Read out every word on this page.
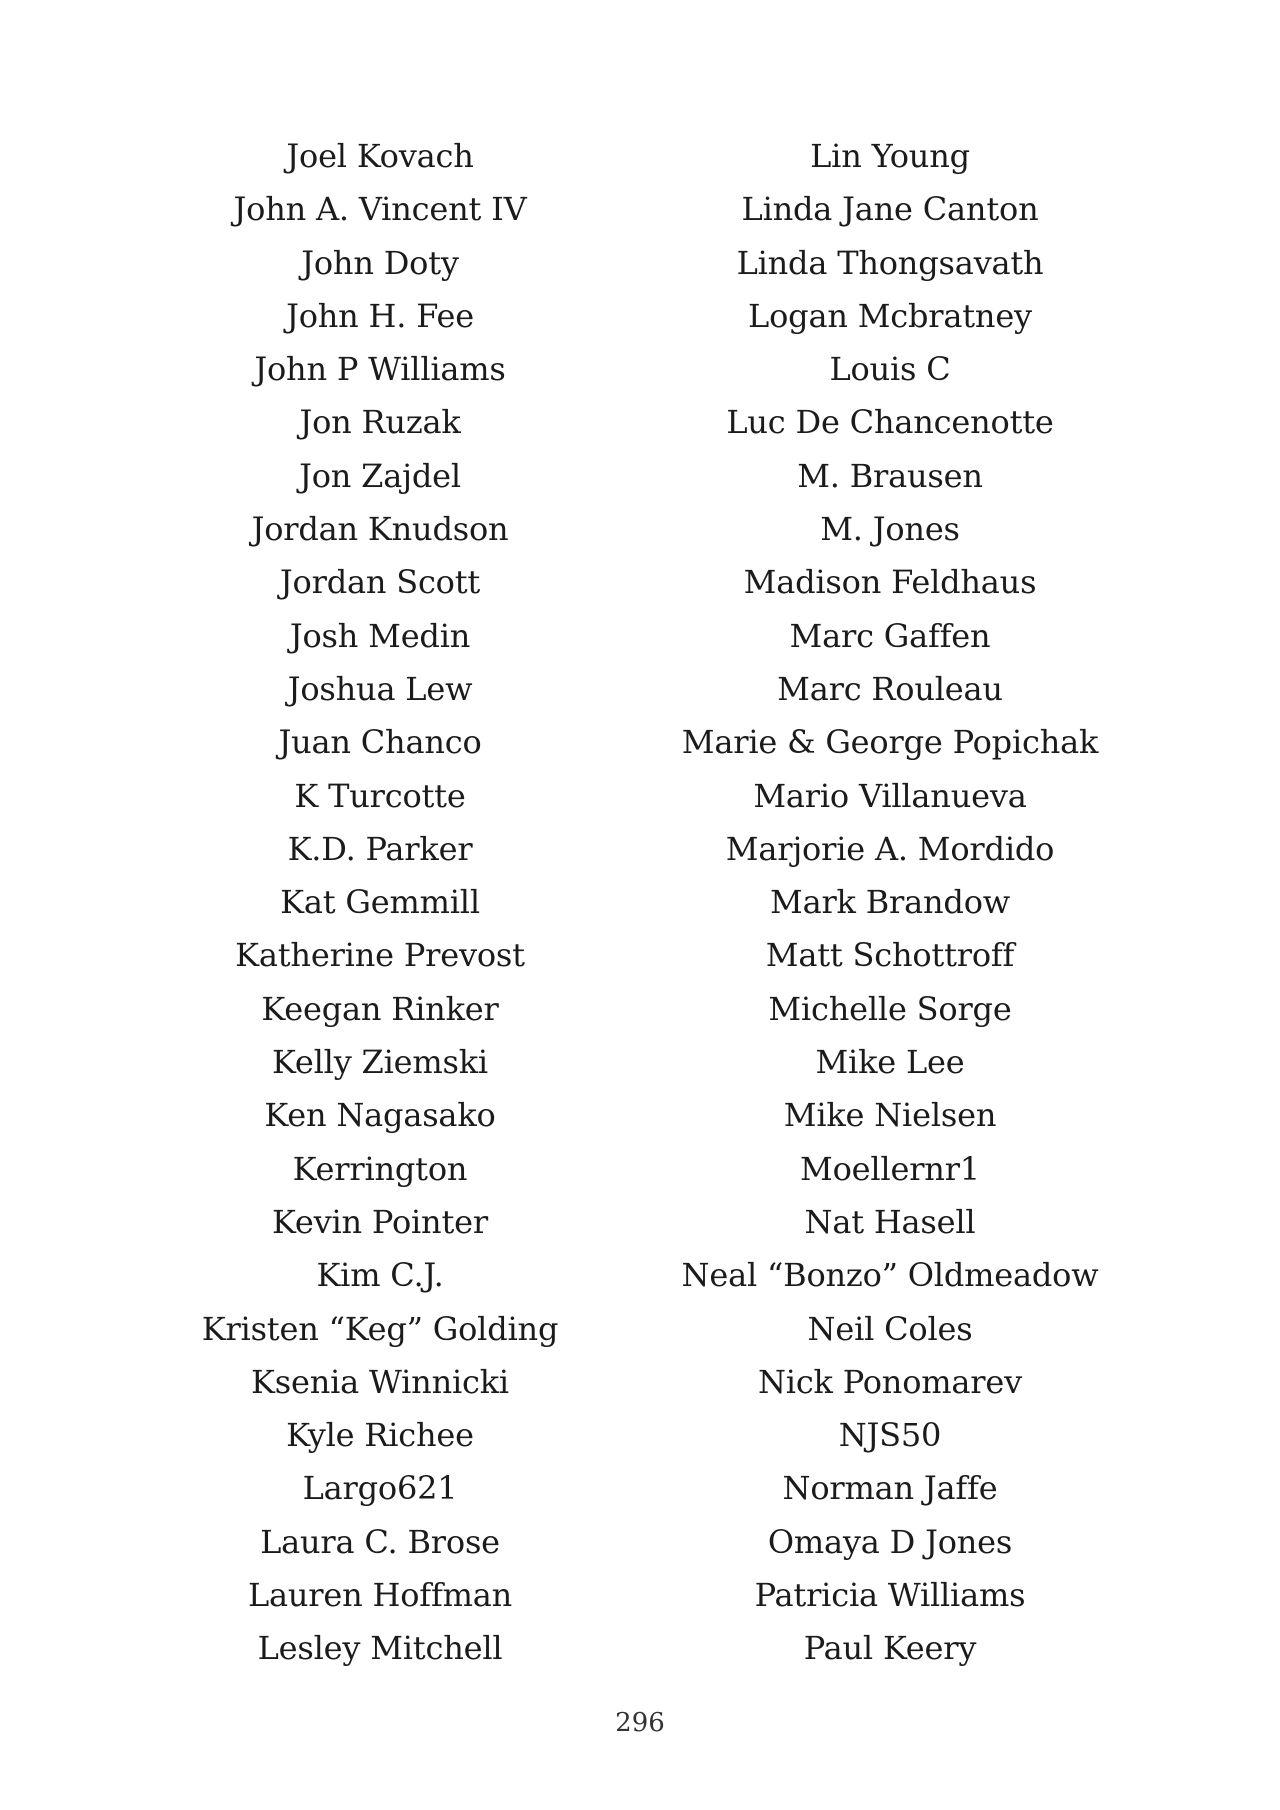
Joel Kovach
John A. Vincent IV
John Doty
John H. Fee
John P Williams
Jon Ruzak
Jon Zajdel
Jordan Knudson
Jordan Scott
Josh Medin
Joshua Lew
Juan Chanco
K Turcotte
K.D. Parker
Kat Gemmill
Katherine Prevost
Keegan Rinker
Kelly Ziemski
Ken Nagasako
Kerrington
Kevin Pointer
Kim C.J.
Kristen “Keg” Golding
Ksenia Winnicki
Kyle Richee
Largo621
Laura C. Brose
Lauren Hoffman
Lesley Mitchell
Lin Young
Linda Jane Canton
Linda Thongsavath
Logan Mcbratney
Louis C
Luc De Chancenotte
M. Brausen
M. Jones
Madison Feldhaus
Marc Gaffen
Marc Rouleau
Marie & George Popichak
Mario Villanueva
Marjorie A. Mordido
Mark Brandow
Matt Schottroff
Michelle Sorge
Mike Lee
Mike Nielsen
Moellernr1
Nat Hasell
Neal “Bonzo” Oldmeadow
Neil Coles
Nick Ponomarev
NJS50
Norman Jaffe
Omaya D Jones
Patricia Williams
Paul Keery
296
